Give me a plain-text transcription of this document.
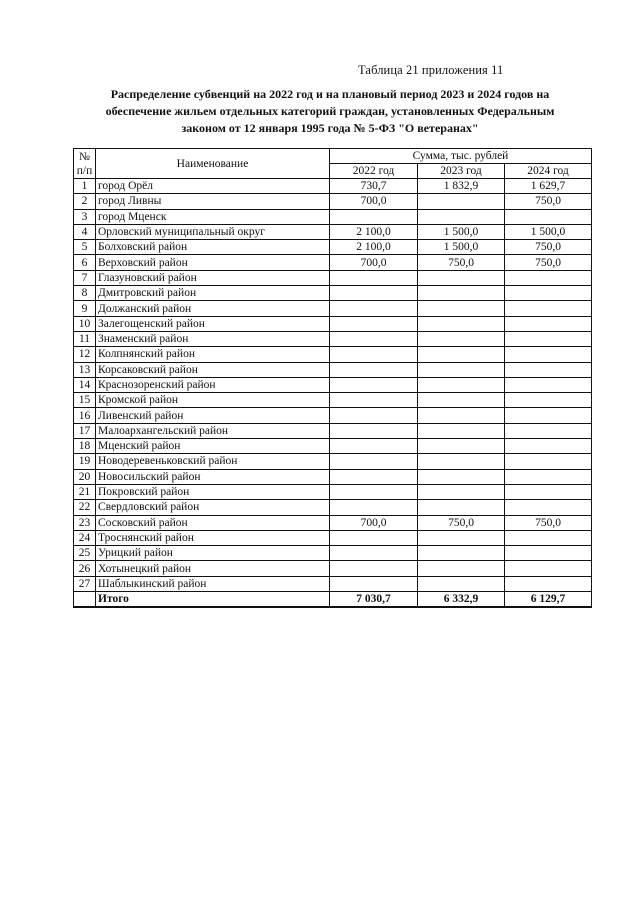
Таблица 21 приложения 11
Распределение субвенций на 2022 год и на плановый период 2023 и 2024 годов на
обеспечение жильем отдельных категорий граждан, установленных Федеральным
законом от 12 января 1995 года № 5-ФЗ "О ветеранах"
№
п/п	Наименование	Сумма, тыс. рублей		
		2022 год	2023 год	2024 год
1	город Орёл	730,7	1 832,9	1 629,7
2	город Ливны	700,0		750,0
3	город Мценск			
4	Орловский муниципальный округ	2 100,0	1 500,0	1 500,0
5	Болховский район	2 100,0	1 500,0	750,0
6	Верховский район	700,0	750,0	750,0
7	Глазуновский район			
8	Дмитровский район			
9	Должанский район			
10	Залегощенский район			
11	Знаменский район			
12	Колпнянский район			
13	Корсаковский район			
14	Краснозоренский район			
15	Кромской район			
16	Ливенский район			
17	Малоархангельский район			
18	Мценский район			
19	Новодеревеньковский район			
20	Новосильский район			
21	Покровский район			
22	Свердловский район			
23	Сосковский район	700,0	750,0	750,0
24	Троснянский район			
25	Урицкий район			
26	Хотынецкий район			
27	Шаблыкинский район			
	Итого	7 030,7	6 332,9	6 129,7
